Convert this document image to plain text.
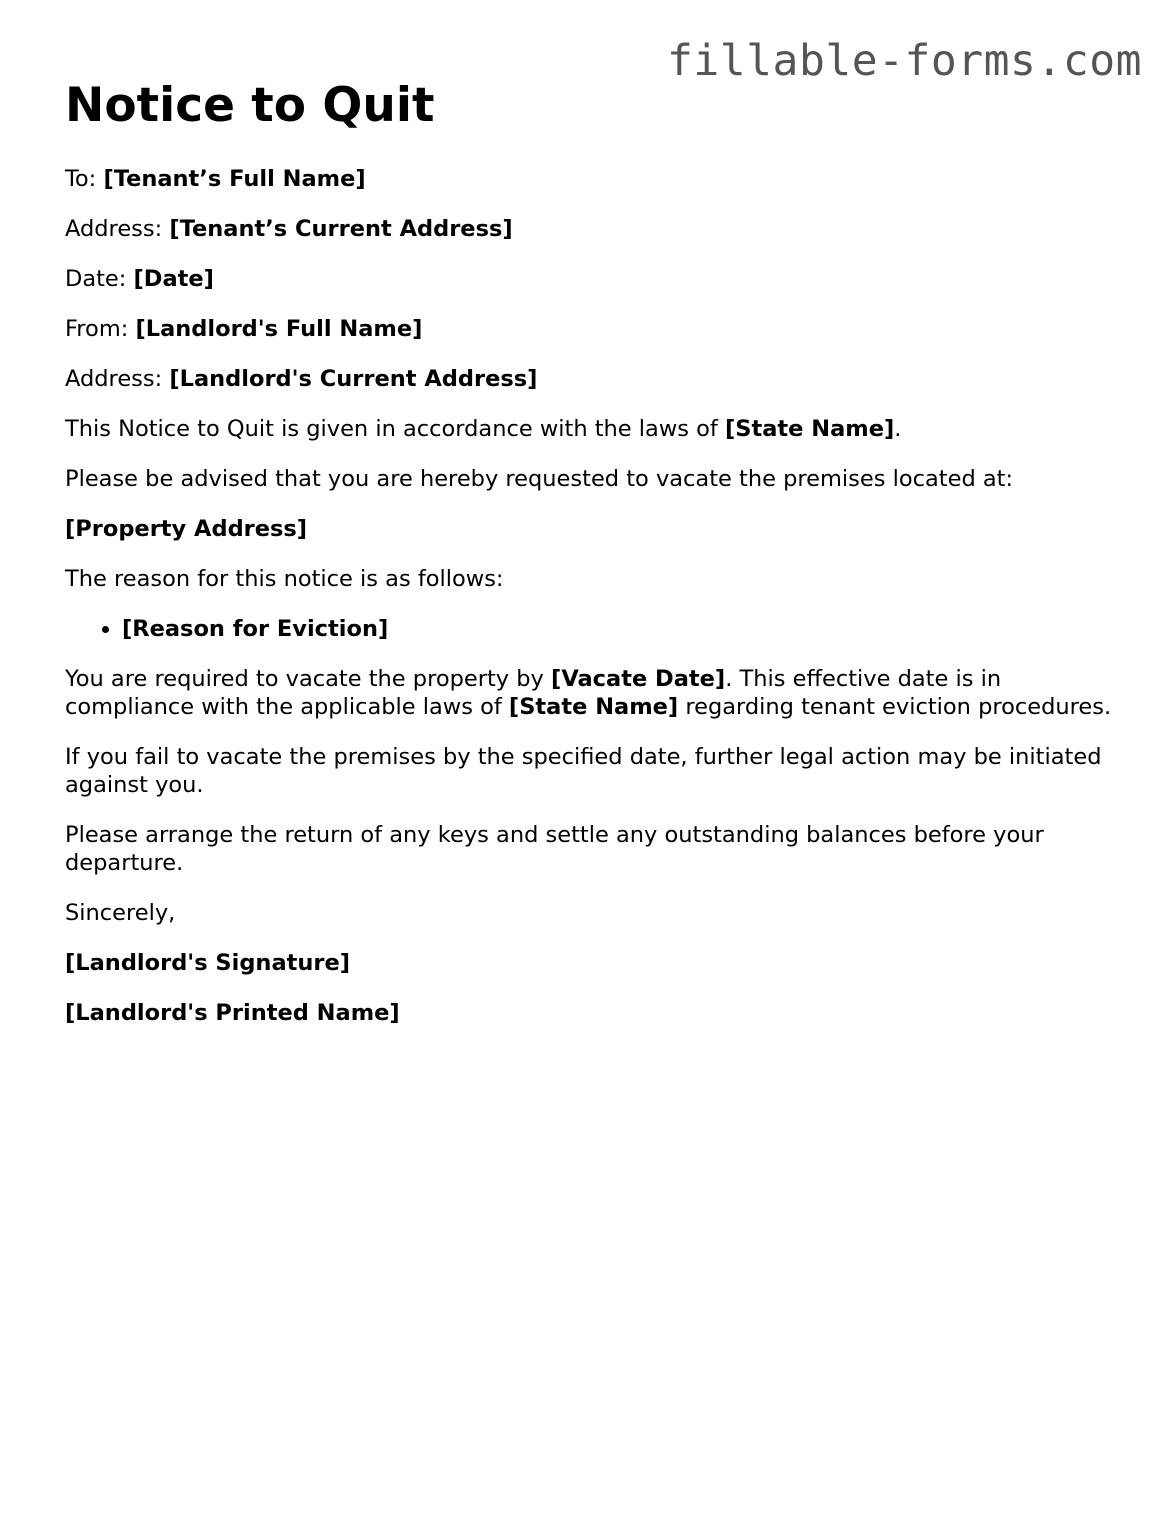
fillable-forms.com
Notice to Quit

To: [Tenant’s Full Name]

Address: [Tenant’s Current Address]

Date: [Date]

From: [Landlord's Full Name]

Address: [Landlord's Current Address]

This Notice to Quit is given in accordance with the laws of [State Name].

Please be advised that you are hereby requested to vacate the premises located at:

[Property Address]

The reason for this notice is as follows:

• [Reason for Eviction]

You are required to vacate the property by [Vacate Date]. This effective date is in compliance with the applicable laws of [State Name] regarding tenant eviction procedures.

If you fail to vacate the premises by the specified date, further legal action may be initiated against you.

Please arrange the return of any keys and settle any outstanding balances before your departure.

Sincerely,

[Landlord's Signature]

[Landlord's Printed Name]
